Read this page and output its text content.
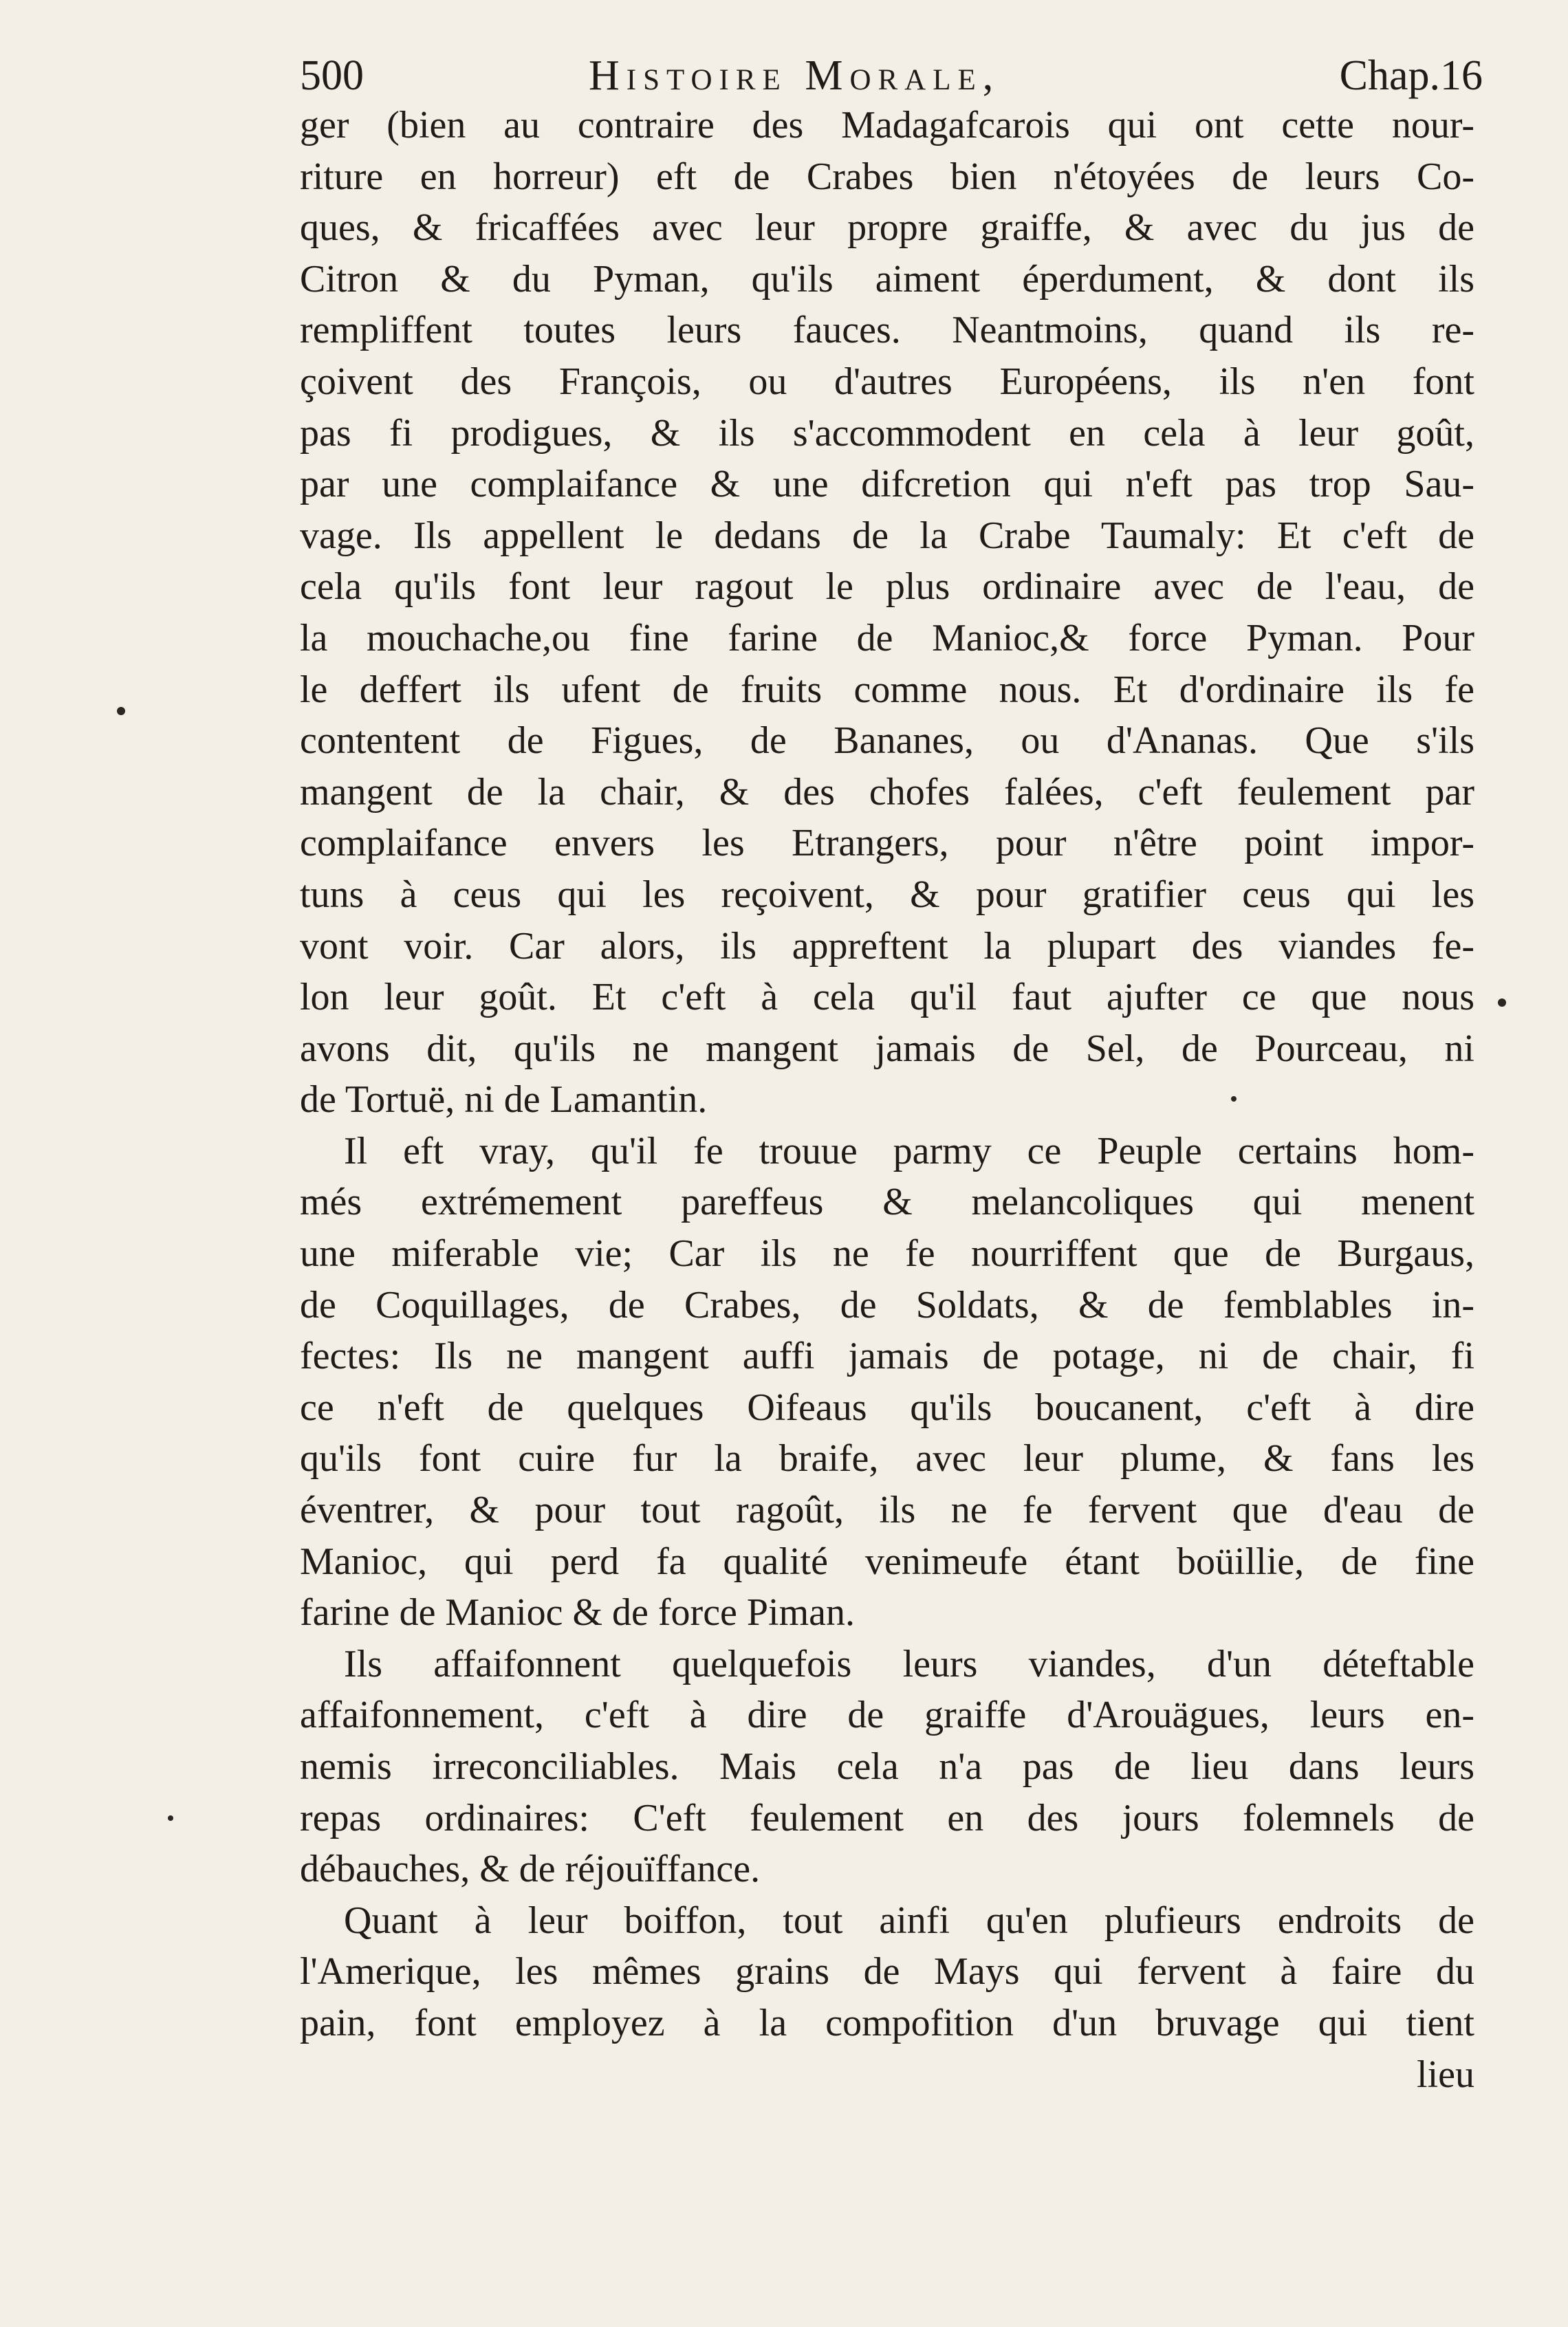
500	Histoire Morale,	Chap.16
ger (bien au contraire des Madagafcarois qui ont cette nour-
riture en horreur) eft de Crabes bien n'étoyées de leurs Co-
ques, & fricaffées avec leur propre graiffe, & avec du jus de
Citron & du Pyman, qu'ils aiment éperdument, & dont ils
rempliffent toutes leurs fauces. Neantmoins, quand ils re-
çoivent des François, ou d'autres Européens, ils n'en font
pas fi prodigues, & ils s'accommodent en cela à leur goût,
par une complaifance & une difcretion qui n'eft pas trop Sau-
vage. Ils appellent le dedans de la Crabe Taumaly: Et c'eft de
cela qu'ils font leur ragout le plus ordinaire avec de l'eau, de
la mouchache,ou fine farine de Manioc,& force Pyman. Pour
le deffert ils ufent de fruits comme nous. Et d'ordinaire ils fe
contentent de Figues, de Bananes, ou d'Ananas. Que s'ils
mangent de la chair, & des chofes falées, c'eft feulement par
complaifance envers les Etrangers, pour n'être point impor-
tuns à ceus qui les reçoivent, & pour gratifier ceus qui les
vont voir. Car alors, ils appreftent la plupart des viandes fe-
lon leur goût. Et c'eft à cela qu'il faut ajufter ce que nous
avons dit, qu'ils ne mangent jamais de Sel, de Pourceau, ni
de Tortuë, ni de Lamantin.
Il eft vray, qu'il fe trouue parmy ce Peuple certains hom-
més extrémement pareffeus & melancoliques qui menent
une miferable vie; Car ils ne fe nourriffent que de Burgaus,
de Coquillages, de Crabes, de Soldats, & de femblables in-
fectes: Ils ne mangent auffi jamais de potage, ni de chair, fi
ce n'eft de quelques Oifeaus qu'ils boucanent, c'eft à dire
qu'ils font cuire fur la braife, avec leur plume, & fans les
éventrer, & pour tout ragoût, ils ne fe fervent que d'eau de
Manioc, qui perd fa qualité venimeufe étant boüillie, de fine
farine de Manioc & de force Piman.
Ils affaifonnent quelquefois leurs viandes, d'un déteftable
affaifonnement, c'eft à dire de graiffe d'Arouägues, leurs en-
nemis irreconciliables. Mais cela n'a pas de lieu dans leurs
repas ordinaires: C'eft feulement en des jours folemnels de
débauches, & de réjouïffance.
Quant à leur boiffon, tout ainfi qu'en plufieurs endroits de
l'Amerique, les mêmes grains de Mays qui fervent à faire du
pain, font employez à la compofition d'un bruvage qui tient
lieu
